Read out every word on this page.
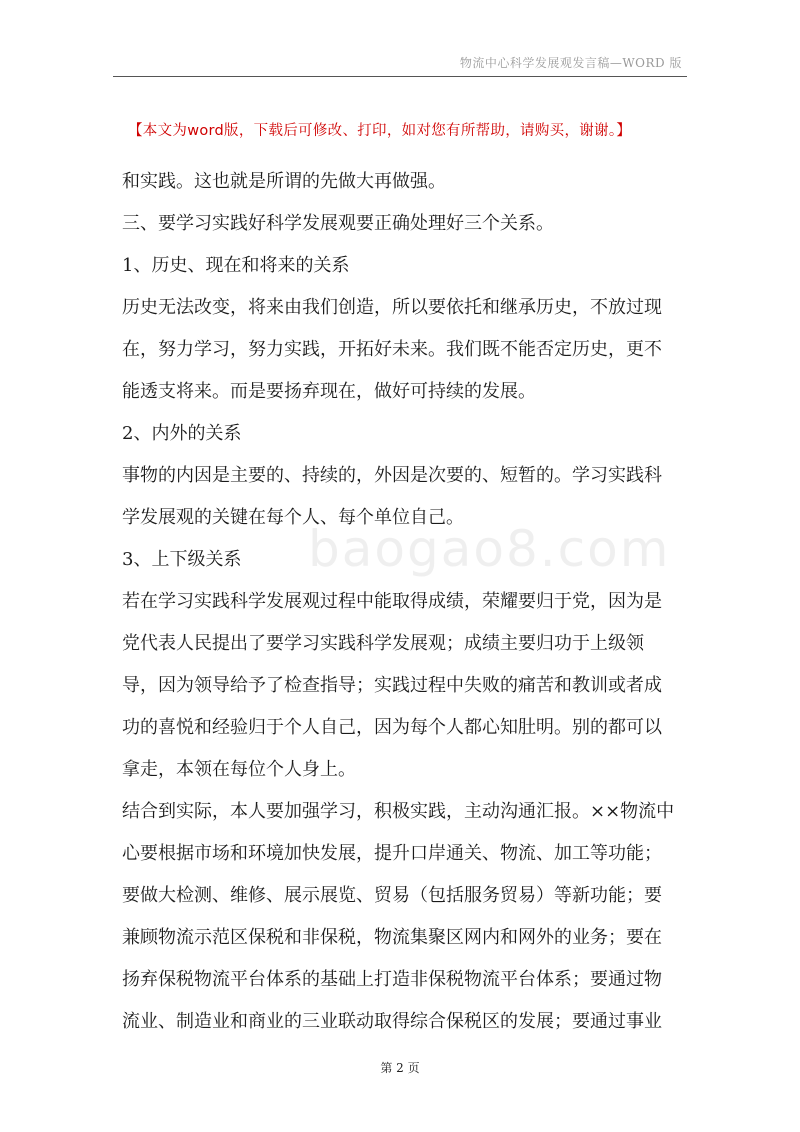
物流中心科学发展观发言稿—WORD 版
【本文为word版，下载后可修改、打印，如对您有所帮助，请购买，谢谢。】
baogao8.com
和实践。这也就是所谓的先做大再做强。
三、要学习实践好科学发展观要正确处理好三个关系。
1、历史、现在和将来的关系
历史无法改变，将来由我们创造，所以要依托和继承历史，不放过现
在，努力学习，努力实践，开拓好未来。我们既不能否定历史，更不
能透支将来。而是要扬弃现在，做好可持续的发展。
2、内外的关系
事物的内因是主要的、持续的，外因是次要的、短暂的。学习实践科
学发展观的关键在每个人、每个单位自己。
3、上下级关系
若在学习实践科学发展观过程中能取得成绩，荣耀要归于党，因为是
党代表人民提出了要学习实践科学发展观；成绩主要归功于上级领
导，因为领导给予了检查指导；实践过程中失败的痛苦和教训或者成
功的喜悦和经验归于个人自己，因为每个人都心知肚明。别的都可以
拿走，本领在每位个人身上。
结合到实际，本人要加强学习，积极实践，主动沟通汇报。××物流中
心要根据市场和环境加快发展，提升口岸通关、物流、加工等功能；
要做大检测、维修、展示展览、贸易（包括服务贸易）等新功能；要
兼顾物流示范区保税和非保税，物流集聚区网内和网外的业务；要在
扬弃保税物流平台体系的基础上打造非保税物流平台体系；要通过物
流业、制造业和商业的三业联动取得综合保税区的发展；要通过事业
第 2 页
